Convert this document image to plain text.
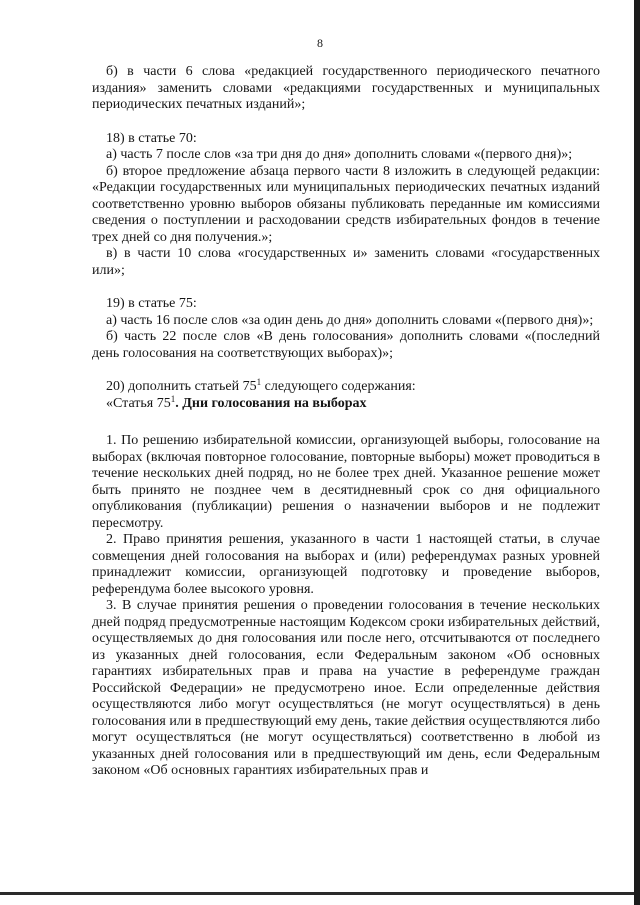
8

б) в части 6 слова «редакцией государственного периодического печатного издания» заменить словами «редакциями государственных и муниципальных периодических печатных изданий»;

18) в статье 70:

а) часть 7 после слов «за три дня до дня» дополнить словами «(первого дня)»;

б) второе предложение абзаца первого части 8 изложить в следующей редакции: «Редакции государственных или муниципальных периодических печатных изданий соответственно уровню выборов обязаны публиковать переданные им комиссиями сведения о поступлении и расходовании средств избирательных фондов в течение трех дней со дня получения.»;

в) в части 10 слова «государственных и» заменить словами «государственных или»;

19) в статье 75:

а) часть 16 после слов «за один день до дня» дополнить словами «(первого дня)»;

б) часть 22 после слов «В день голосования» дополнить словами «(последний день голосования на соответствующих выборах)»;

20) дополнить статьей $75^1$ следующего содержания:

«Статья $75^1$. Дни голосования на выборах

1. По решению избирательной комиссии, организующей выборы, голосование на выборах (включая повторное голосование, повторные выборы) может проводиться в течение нескольких дней подряд, но не более трех дней. Указанное решение может быть принято не позднее чем в десятидневный срок со дня официального опубликования (публикации) решения о назначении выборов и не подлежит пересмотру.

2. Право принятия решения, указанного в части 1 настоящей статьи, в случае совмещения дней голосования на выборах и (или) референдумах разных уровней принадлежит комиссии, организующей подготовку и проведение выборов, референдума более высокого уровня.

3. В случае принятия решения о проведении голосования в течение нескольких дней подряд предусмотренные настоящим Кодексом сроки избирательных действий, осуществляемых до дня голосования или после него, отсчитываются от последнего из указанных дней голосования, если Федеральным законом «Об основных гарантиях избирательных прав и права на участие в референдуме граждан Российской Федерации» не предусмотрено иное. Если определенные действия осуществляются либо могут осуществляться (не могут осуществляться) в день голосования или в предшествующий ему день, такие действия осуществляются либо могут осуществляться (не могут осуществляться) соответственно в любой из указанных дней голосования или в предшествующий им день, если Федеральным законом «Об основных гарантиях избирательных прав и
